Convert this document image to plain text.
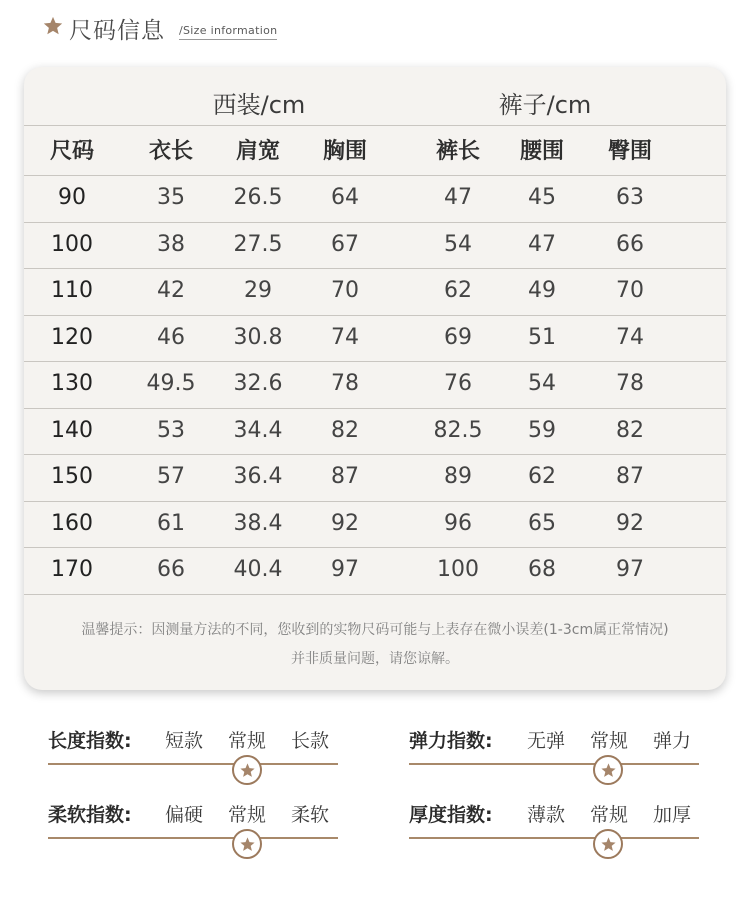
尺码信息 /Size information
西装/cm	裤子/cm
尺码	衣长	肩宽	胸围	裤长	腰围	臀围
90	35	26.5	64	47	45	63
100	38	27.5	67	54	47	66
110	42	29	70	62	49	70
120	46	30.8	74	69	51	74
130	49.5	32.6	78	76	54	78
140	53	34.4	82	82.5	59	82
150	57	36.4	87	89	62	87
160	61	38.4	92	96	65	92
170	66	40.4	97	100	68	97
温馨提示：因测量方法的不同，您收到的实物尺码可能与上表存在微小误差(1-3cm属正常情况)
并非质量问题，请您谅解。
长度指数: 短款 常规 长款	弹力指数: 无弹 常规 弹力
柔软指数: 偏硬 常规 柔软	厚度指数: 薄款 常规 加厚
